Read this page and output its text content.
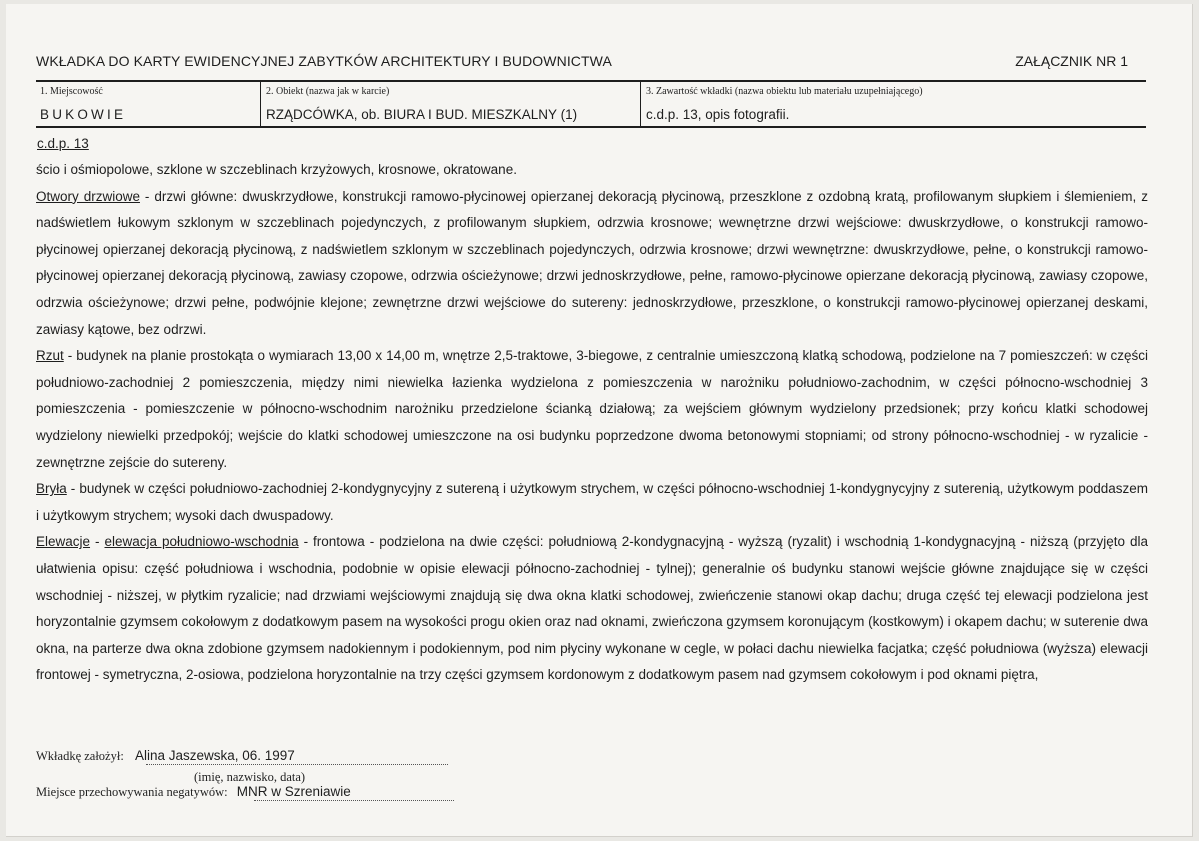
WKŁADKA DO KARTY EWIDENCYJNEJ ZABYTKÓW ARCHITEKTURY I BUDOWNICTWA	ZAŁĄCZNIK NR 1
1. Miejscowość
BUKOWIE
2. Obiekt (nazwa jak w karcie)
RZĄDCÓWKA, ob. BIURA I BUD. MIESZKALNY (1)
3. Zawartość wkładki (nazwa obiektu lub materiału uzupełniającego)
c.d.p. 13, opis fotografii.
c.d.p. 13

ścio i ośmiopolowe, szklone w szczeblinach krzyżowych, krosnowe, okratowane.

Otwory drzwiowe - drzwi główne: dwuskrzydłowe, konstrukcji ramowo-płycinowej opierzanej dekoracją płycinową, przeszklone z ozdobną kratą, profilowanym słupkiem i ślemieniem, z nadświetlem łukowym szklonym w szczeblinach pojedynczych, z profilowanym słupkiem, odrzwia krosnowe; wewnętrzne drzwi wejściowe: dwuskrzydłowe, o konstrukcji ramowo-płycinowej opierzanej dekoracją płycinową, z nadświetlem szklonym w szczeblinach pojedynczych, odrzwia krosnowe; drzwi wewnętrzne: dwuskrzydłowe, pełne, o konstrukcji ramowo-płycinowej opierzanej dekoracją płycinową, zawiasy czopowe, odrzwia ościeżynowe; drzwi jednoskrzydłowe, pełne, ramowo-płycinowe opierzane dekoracją płycinową, zawiasy czopowe, odrzwia ościeżynowe; drzwi pełne, podwójnie klejone; zewnętrzne drzwi wejściowe do sutereny: jednoskrzydłowe, przeszklone, o konstrukcji ramowo-płycinowej opierzanej deskami, zawiasy kątowe, bez odrzwi.

Rzut - budynek na planie prostokąta o wymiarach 13,00 x 14,00 m, wnętrze 2,5-traktowe, 3-biegowe, z centralnie umieszczoną klatką schodową, podzielone na 7 pomieszczeń: w części południowo-zachodniej 2 pomieszczenia, między nimi niewielka łazienka wydzielona z pomieszczenia w narożniku południowo-zachodnim, w części północno-wschodniej 3 pomieszczenia - pomieszczenie w północno-wschodnim narożniku przedzielone ścianką działową; za wejściem głównym wydzielony przedsionek; przy końcu klatki schodowej wydzielony niewielki przedpokój; wejście do klatki schodowej umieszczone na osi budynku poprzedzone dwoma betonowymi stopniami; od strony północno-wschodniej - w ryzalicie - zewnętrzne zejście do sutereny.

Bryła - budynek w części południowo-zachodniej 2-kondygnycyjny z sutereną i użytkowym strychem, w części północno-wschodniej 1-kondygnycyjny z suterenią, użytkowym poddaszem i użytkowym strychem; wysoki dach dwuspadowy.

Elewacje - elewacja południowo-wschodnia - frontowa - podzielona na dwie części: południową 2-kondygnacyjną - wyższą (ryzalit) i wschodnią 1-kondygnacyjną - niższą (przyjęto dla ułatwienia opisu: część południowa i wschodnia, podobnie w opisie elewacji północno-zachodniej - tylnej); generalnie oś budynku stanowi wejście główne znajdujące się w części wschodniej - niższej, w płytkim ryzalicie; nad drzwiami wejściowymi znajdują się dwa okna klatki schodowej, zwieńczenie stanowi okap dachu; druga część tej elewacji podzielona jest horyzontalnie gzymsem cokołowym z dodatkowym pasem na wysokości progu okien oraz nad oknami, zwieńczona gzymsem koronującym (kostkowym) i okapem dachu; w suterenie dwa okna, na parterze dwa okna zdobione gzymsem nadokiennym i podokiennym, pod nim płyciny wykonane w cegle, w połaci dachu niewielka facjatka; część południowa (wyższa) elewacji frontowej - symetryczna, 2-osiowa, podzielona horyzontalnie na trzy części gzymsem kordonowym z dodatkowym pasem nad gzymsem cokołowym i pod oknami piętra,

Wkładkę założył: Alina Jaszewska, 06. 1997
(imię, nazwisko, data)
Miejsce przechowywania negatywów: MNR w Szreniawie
